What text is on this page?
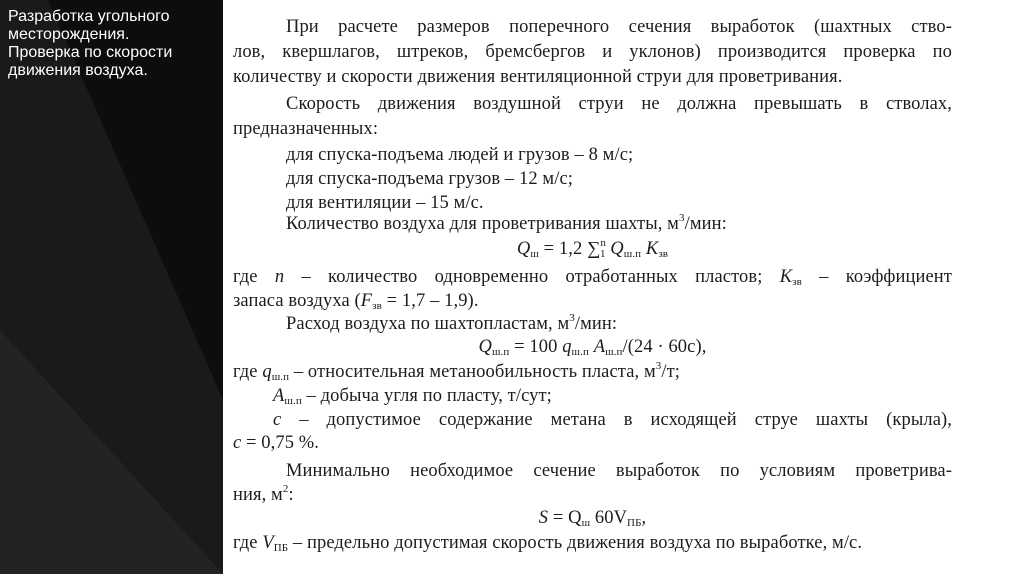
Разработка угольного
месторождения.
Проверка по скорости
движения воздуха.
При расчете размеров поперечного сечения выработок (шахтных ство-
лов, квершлагов, штреков, бремсбергов и уклонов) производится проверка по
количеству и скорости движения вентиляционной струи для проветривания.
Скорость движения воздушной струи не должна превышать в стволах,
предназначенных:
для спуска-подъема людей и грузов – 8 м/с;
для спуска-подъема грузов – 12 м/с;
для вентиляции – 15 м/с.
Количество воздуха для проветривания шахты, $м^3$/мин:
$Q_ш = 1,2$ ∑$^n_1$ $Q_{ш.п}$ $K_{зв}$
где n – количество одновременно отработанных пластов; $K_{зв}$ – коэффициент
запаса воздуха $(F_{зв} = 1,7 - 1,9)$.
Расход воздуха по шахтопластам, $м^3$/мин:
$Q_{ш.п} = 100$ $q_{ш.п}$ $A_{ш.п}/(24 \cdot 60с)$,
где $q_{ш.п}$ – относительная метанообильность пласта, $м^3/т$;
$A_{ш.п}$ – добыча угля по пласту, т/сут;
c – допустимое содержание метана в исходящей струе шахты (крыла),
c = 0,75 %.
Минимально необходимое сечение выработок по условиям проветрива-
ния, $м^2$:
$S = Q_ш$ $60V_{ПБ}$,
где $V_{ПБ}$ – предельно допустимая скорость движения воздуха по выработке, м/с.
